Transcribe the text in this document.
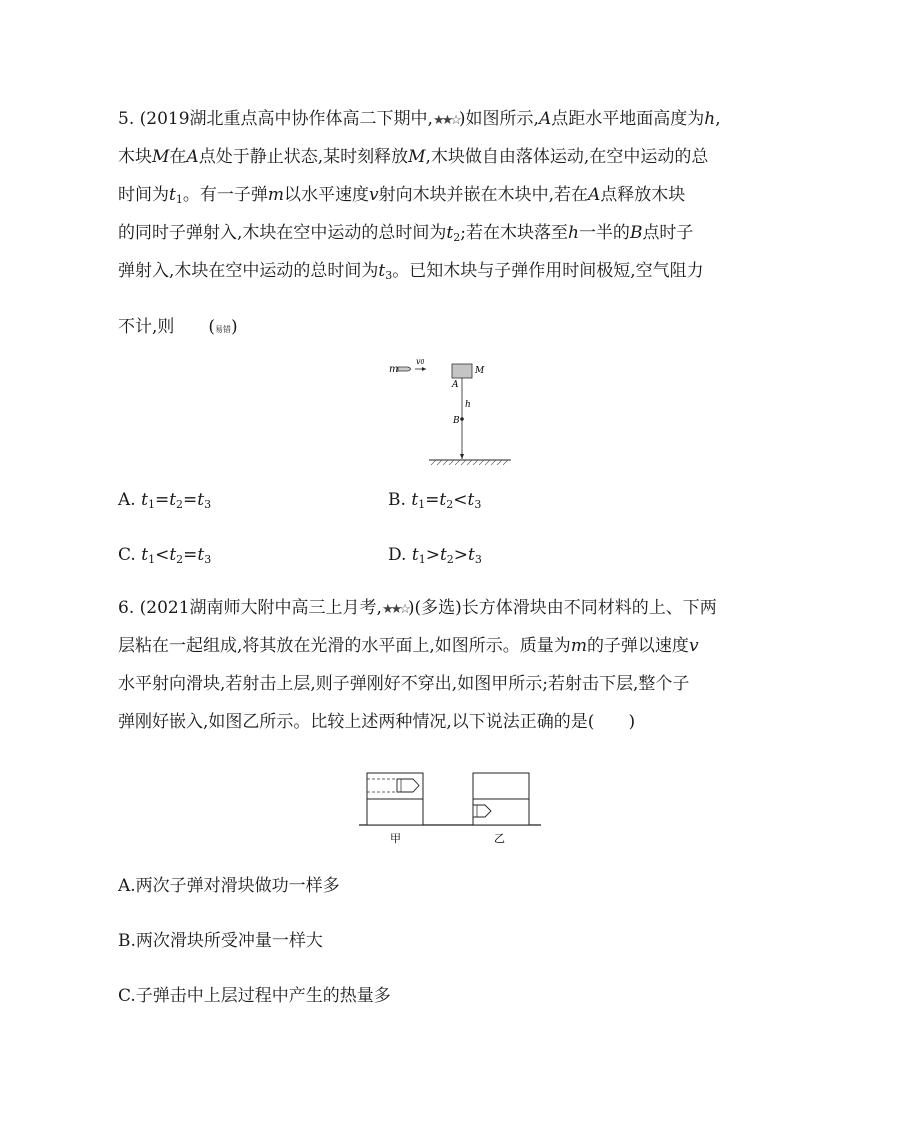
5. (2019湖北重点高中协作体高二下期中,★★☆)如图所示,A点距水平地面高度为h,
木块M在A点处于静止状态,某时刻释放M,木块做自由落体运动,在空中运动的总
时间为$t_1$。有一子弹m以水平速度v射向木块并嵌在木块中,若在A点释放木块
的同时子弹射入,木块在空中运动的总时间为$t_2$;若在木块落至h一半的B点时子
弹射入,木块在空中运动的总时间为$t_3$。已知木块与子弹作用时间极短,空气阻力
不计,则　　(易错)
m
v0
M
A
h
B
A. $t_1=t_2=t_3$	B. $t_1=t_2<t_3$
C. $t_1<t_2=t_3$	D. $t_1>t_2>t_3$
6. (2021湖南师大附中高三上月考,★★☆)(多选)长方体滑块由不同材料的上、下两
层粘在一起组成,将其放在光滑的水平面上,如图所示。质量为m的子弹以速度v
水平射向滑块,若射击上层,则子弹刚好不穿出,如图甲所示;若射击下层,整个子
弹刚好嵌入,如图乙所示。比较上述两种情况,以下说法正确的是(　　)
甲	乙
A.两次子弹对滑块做功一样多
B.两次滑块所受冲量一样大
C.子弹击中上层过程中产生的热量多
